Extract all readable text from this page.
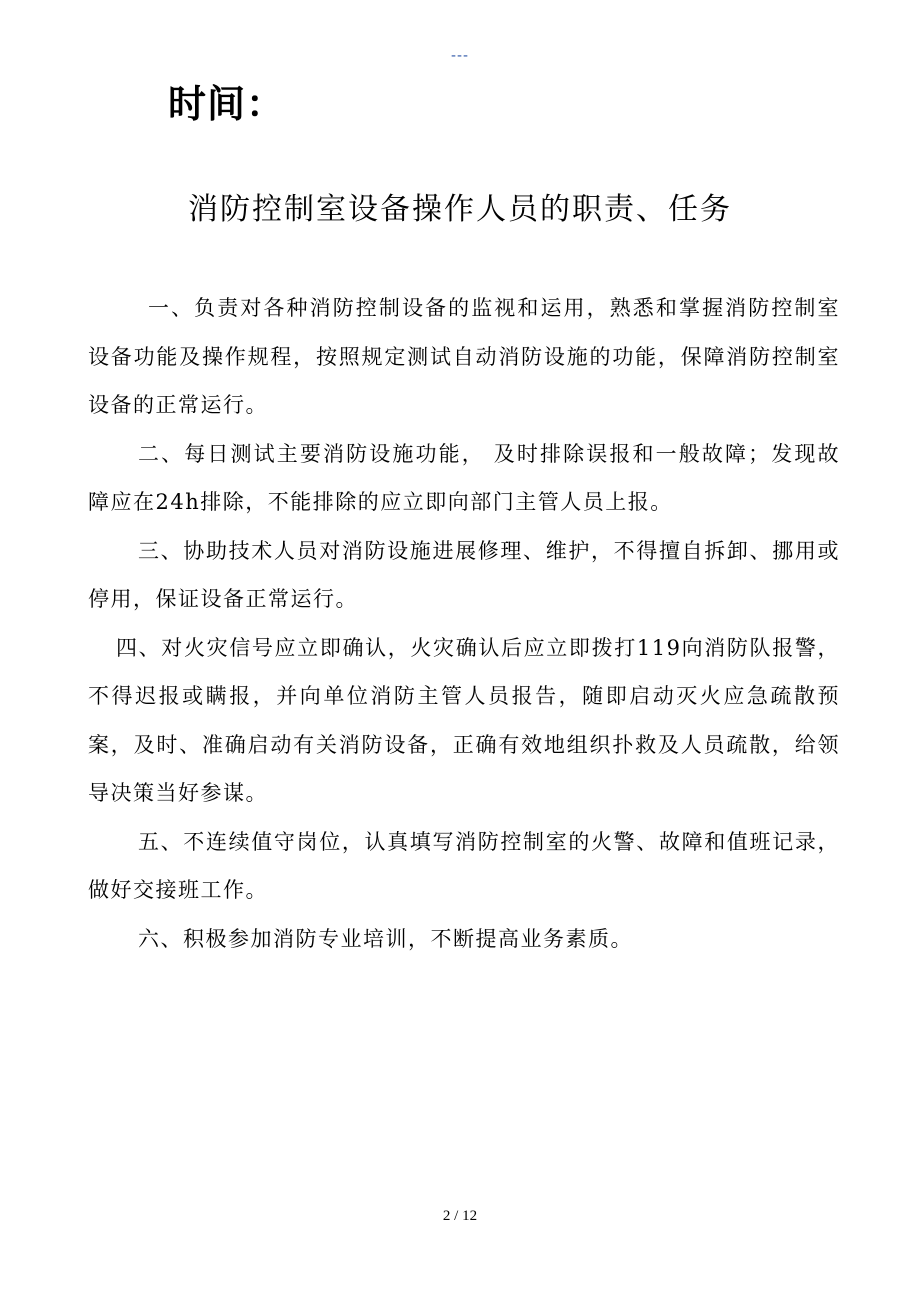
---
时间：
消防控制室设备操作人员的职责、任务

一、负责对各种消防控制设备的监视和运用，熟悉和掌握消防控制室设备功能及操作规程，按照规定测试自动消防设施的功能，保障消防控制室设备的正常运行。

二、每日测试主要消防设施功能， 及时排除误报和一般故障；发现故障应在24h排除，不能排除的应立即向部门主管人员上报。

三、协助技术人员对消防设施进展修理、维护，不得擅自拆卸、挪用或停用，保证设备正常运行。

四、对火灾信号应立即确认，火灾确认后应立即拨打119向消防队报警，不得迟报或瞒报，并向单位消防主管人员报告，随即启动灭火应急疏散预案，及时、准确启动有关消防设备，正确有效地组织扑救及人员疏散，给领导决策当好参谋。

五、不连续值守岗位，认真填写消防控制室的火警、故障和值班记录，做好交接班工作。

六、积极参加消防专业培训，不断提高业务素质。

2 / 12
